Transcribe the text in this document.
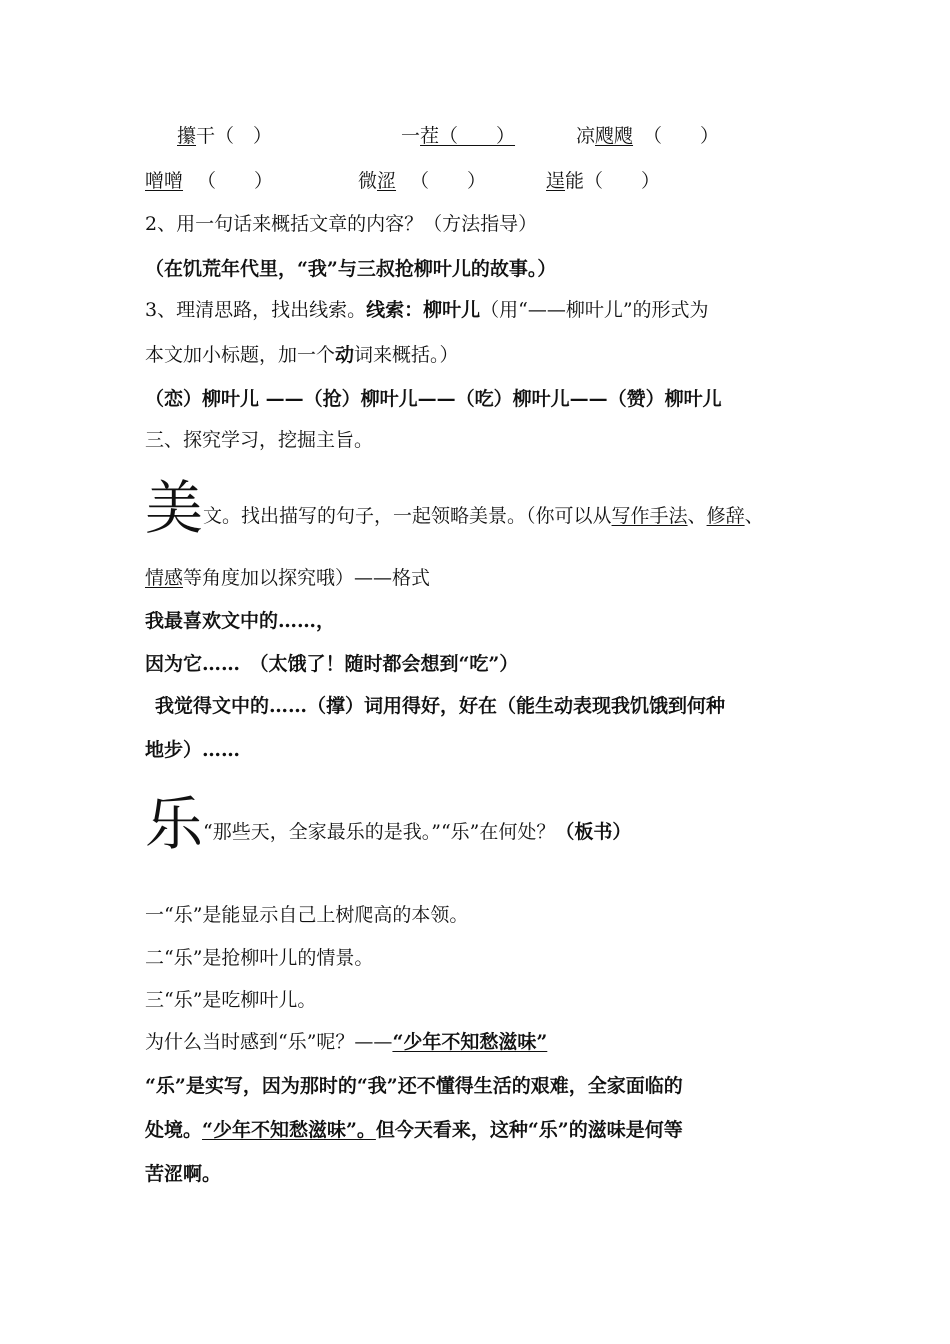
攥干（　）	一茬（　　）	凉飕飕 （　　）
噌噌 （　　）	微涩 （　　）	逞能（　　）
2、用一句话来概括文章的内容？（方法指导）
（在饥荒年代里，“我”与三叔抢柳叶儿的故事。）
3、理清思路，找出线索。线索：柳叶儿（用“——柳叶儿”的形式为
本文加小标题，加一个动词来概括。）
（恋）柳叶儿 ——（抢）柳叶儿——（吃）柳叶儿——（赞）柳叶儿
三、探究学习，挖掘主旨。
美文。找出描写的句子，一起领略美景。（你可以从写作手法、修辞、
情感等角度加以探究哦）——格式
我最喜欢文中的……，
因为它……　（太饿了！随时都会想到“吃”）
我觉得文中的……（撑）词用得好，好在（能生动表现我饥饿到何种
地步）……
乐“那些天，全家最乐的是我。”“乐”在何处？（板书）
一“乐”是能显示自己上树爬高的本领。
二“乐”是抢柳叶儿的情景。
三“乐”是吃柳叶儿。
为什么当时感到“乐”呢？——“少年不知愁滋味”
“乐”是实写，因为那时的“我”还不懂得生活的艰难，全家面临的
处境。“少年不知愁滋味”。但今天看来，这种“乐”的滋味是何等
苦涩啊。
